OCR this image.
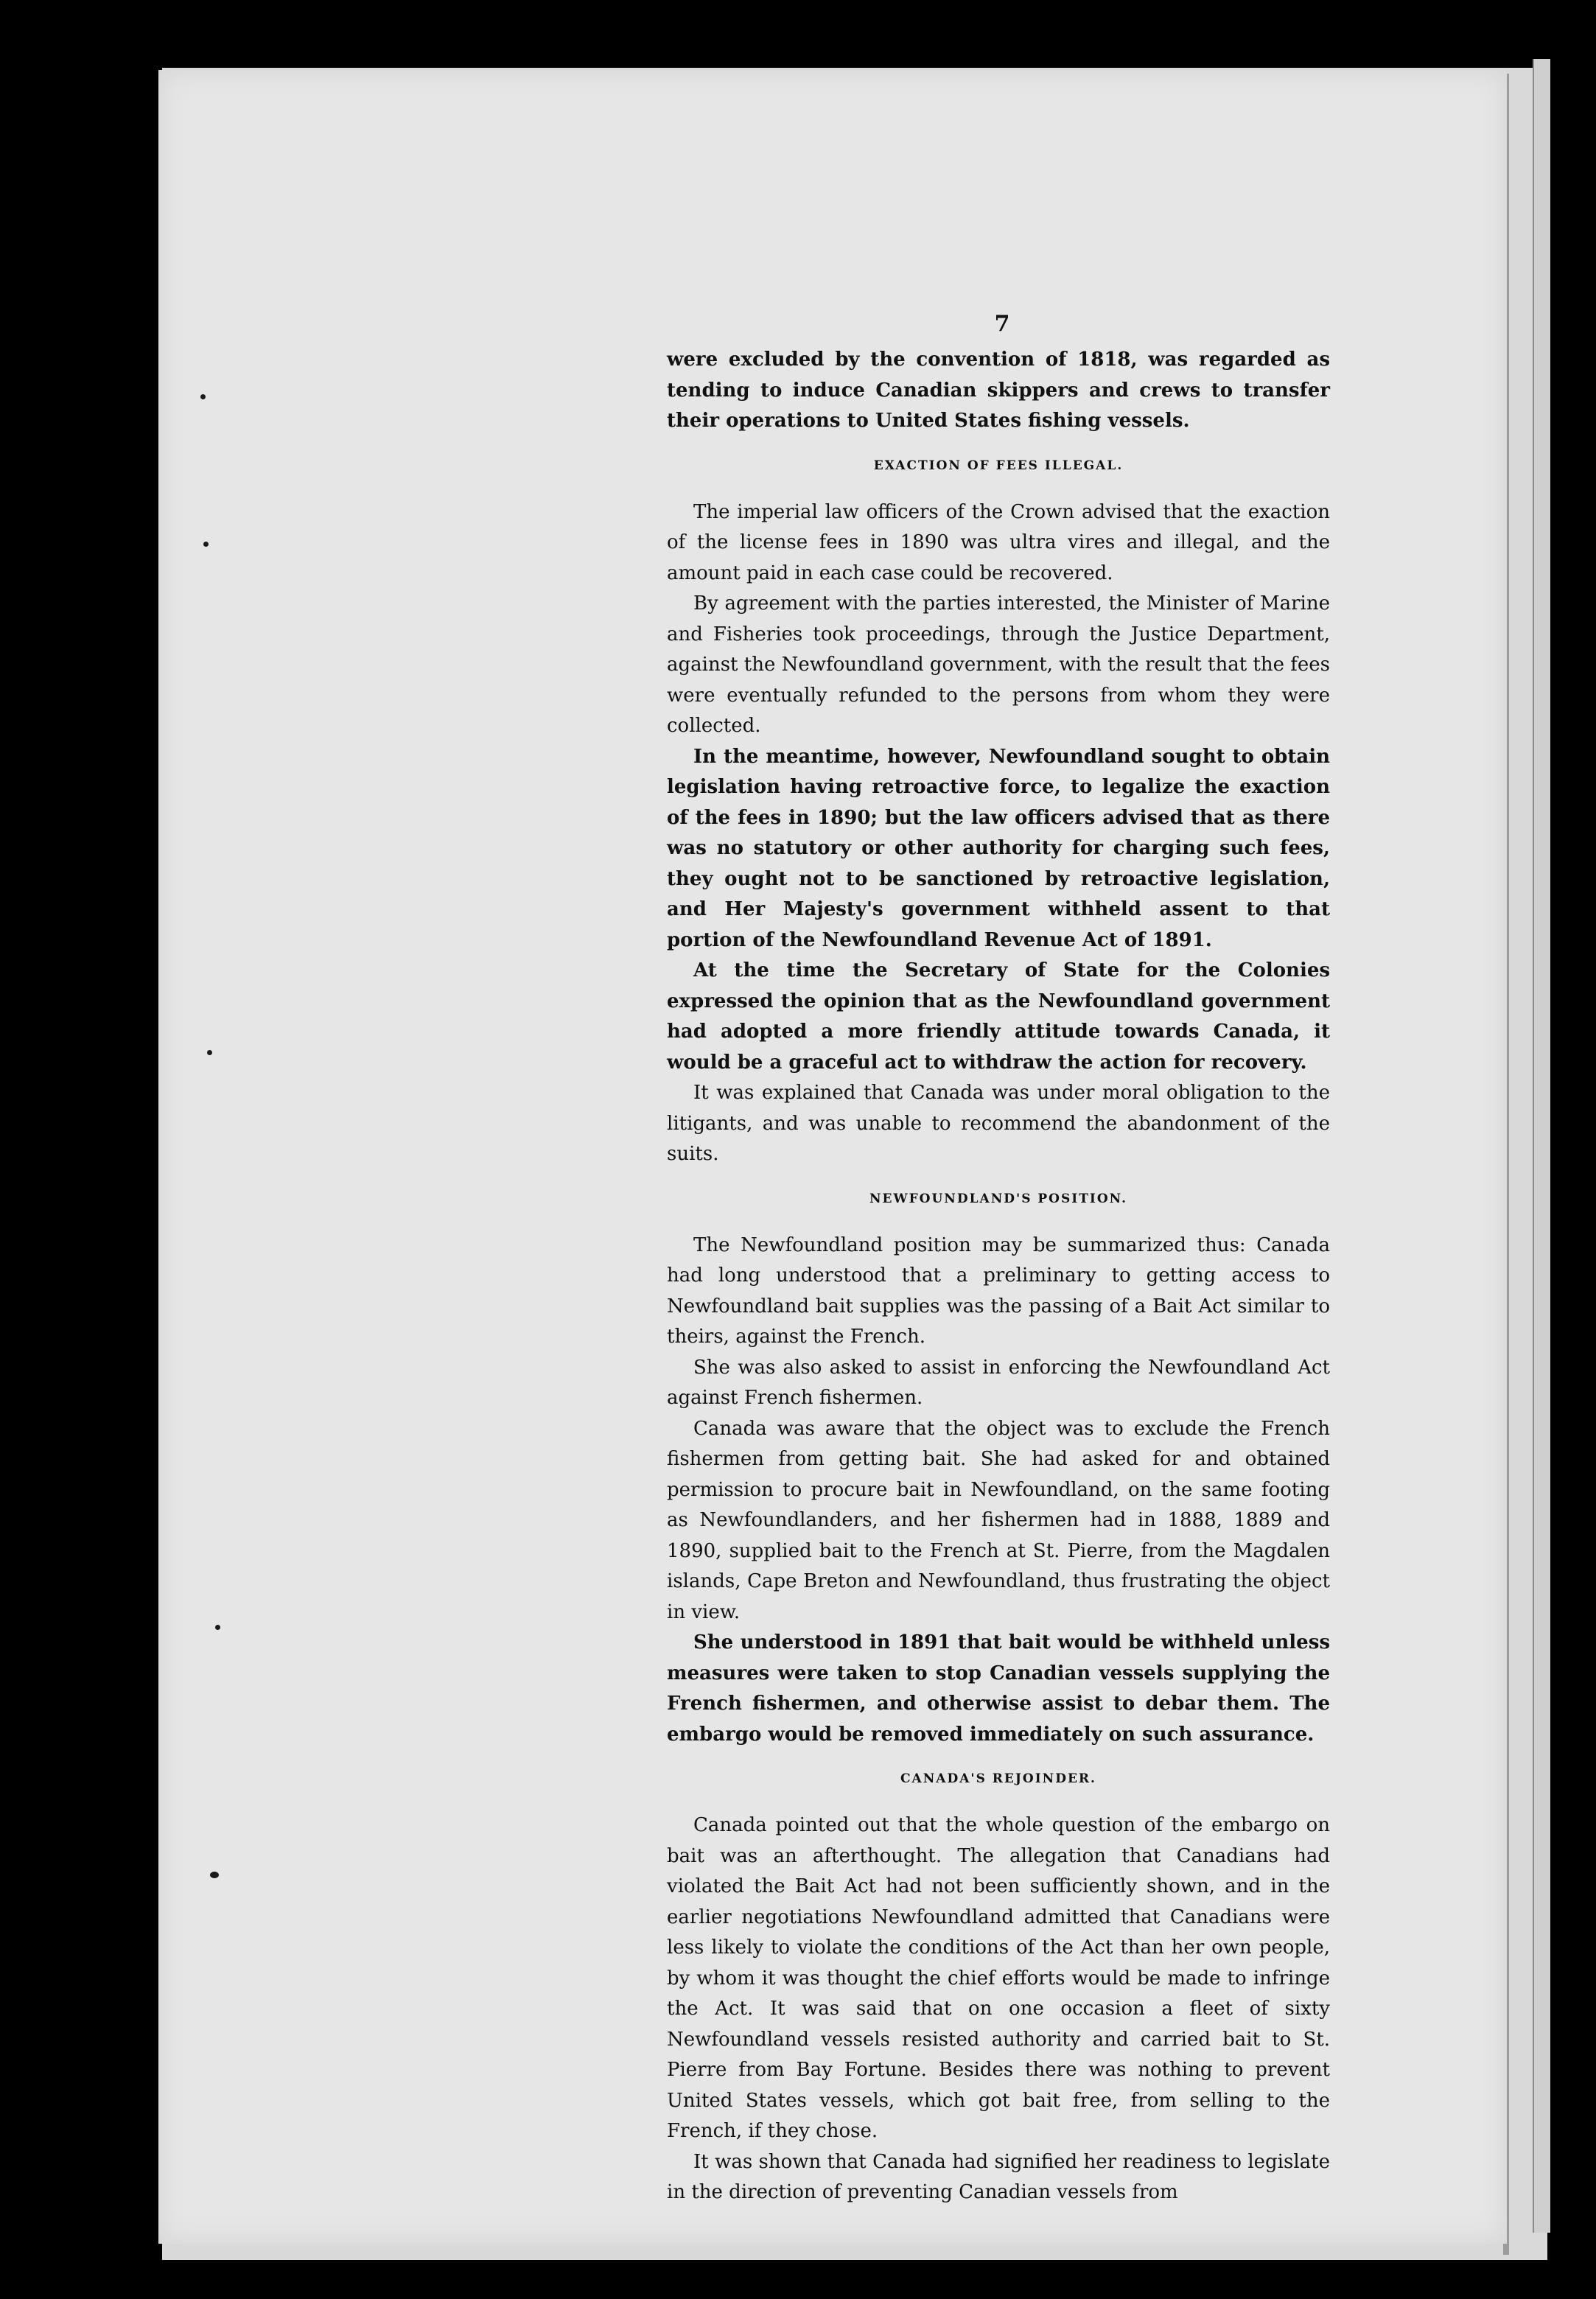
7

were excluded by the convention of 1818, was regarded as tending to induce Canadian skippers and crews to transfer their operations to United States fishing vessels.

EXACTION OF FEES ILLEGAL.

The imperial law officers of the Crown advised that the exaction of the license fees in 1890 was ultra vires and illegal, and the amount paid in each case could be recovered.

By agreement with the parties interested, the Minister of Marine and Fisheries took proceedings, through the Justice Department, against the Newfoundland government, with the result that the fees were eventually refunded to the persons from whom they were collected.

In the meantime, however, Newfoundland sought to obtain legislation having retroactive force, to legalize the exaction of the fees in 1890; but the law officers advised that as there was no statutory or other authority for charging such fees, they ought not to be sanctioned by retroactive legislation, and Her Majesty's government withheld assent to that portion of the Newfoundland Revenue Act of 1891.

At the time the Secretary of State for the Colonies expressed the opinion that as the Newfoundland government had adopted a more friendly attitude towards Canada, it would be a graceful act to withdraw the action for recovery.

It was explained that Canada was under moral obligation to the litigants, and was unable to recommend the abandonment of the suits.

NEWFOUNDLAND'S POSITION.

The Newfoundland position may be summarized thus: Canada had long understood that a preliminary to getting access to Newfoundland bait supplies was the passing of a Bait Act similar to theirs, against the French.

She was also asked to assist in enforcing the Newfoundland Act against French fishermen.

Canada was aware that the object was to exclude the French fishermen from getting bait. She had asked for and obtained permission to procure bait in Newfoundland, on the same footing as Newfoundlanders, and her fishermen had in 1888, 1889 and 1890, supplied bait to the French at St. Pierre, from the Magdalen islands, Cape Breton and Newfoundland, thus frustrating the object in view.

She understood in 1891 that bait would be withheld unless measures were taken to stop Canadian vessels supplying the French fishermen, and otherwise assist to debar them. The embargo would be removed immediately on such assurance.

CANADA'S REJOINDER.

Canada pointed out that the whole question of the embargo on bait was an afterthought. The allegation that Canadians had violated the Bait Act had not been sufficiently shown, and in the earlier negotiations Newfoundland admitted that Canadians were less likely to violate the conditions of the Act than her own people, by whom it was thought the chief efforts would be made to infringe the Act. It was said that on one occasion a fleet of sixty Newfoundland vessels resisted authority and carried bait to St. Pierre from Bay Fortune. Besides there was nothing to prevent United States vessels, which got bait free, from selling to the French, if they chose.

It was shown that Canada had signified her readiness to legislate in the direction of preventing Canadian vessels from
